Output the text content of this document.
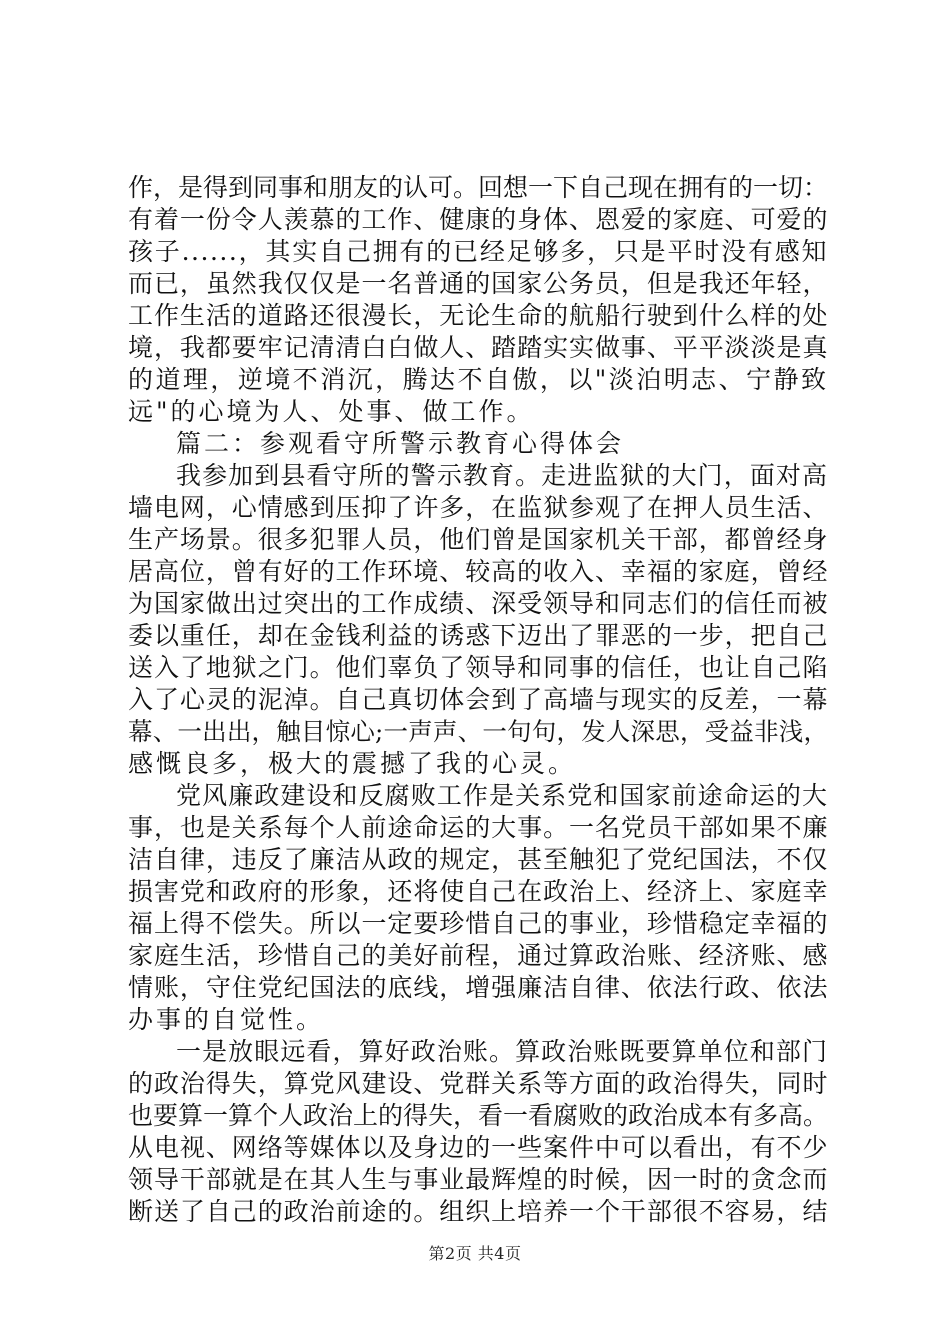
作，是得到同事和朋友的认可。回想一下自己现在拥有的一切：
有着一份令人羡慕的工作、健康的身体、恩爱的家庭、可爱的
孩子......，其实自己拥有的已经足够多，只是平时没有感知
而已，虽然我仅仅是一名普通的国家公务员，但是我还年轻，
工作生活的道路还很漫长，无论生命的航船行驶到什么样的处
境，我都要牢记清清白白做人、踏踏实实做事、平平淡淡是真
的道理，逆境不消沉，腾达不自傲，以"淡泊明志、宁静致
远"的心境为人、处事、做工作。
篇二：参观看守所警示教育心得体会
我参加到县看守所的警示教育。走进监狱的大门，面对高
墙电网，心情感到压抑了许多，在监狱参观了在押人员生活、
生产场景。很多犯罪人员，他们曾是国家机关干部，都曾经身
居高位，曾有好的工作环境、较高的收入、幸福的家庭，曾经
为国家做出过突出的工作成绩、深受领导和同志们的信任而被
委以重任，却在金钱利益的诱惑下迈出了罪恶的一步，把自己
送入了地狱之门。他们辜负了领导和同事的信任，也让自己陷
入了心灵的泥淖。自己真切体会到了高墙与现实的反差，一幕
幕、一出出，触目惊心;一声声、一句句，发人深思，受益非浅，
感慨良多，极大的震撼了我的心灵。
党风廉政建设和反腐败工作是关系党和国家前途命运的大
事，也是关系每个人前途命运的大事。一名党员干部如果不廉
洁自律，违反了廉洁从政的规定，甚至触犯了党纪国法，不仅
损害党和政府的形象，还将使自己在政治上、经济上、家庭幸
福上得不偿失。所以一定要珍惜自己的事业，珍惜稳定幸福的
家庭生活，珍惜自己的美好前程，通过算政治账、经济账、感
情账，守住党纪国法的底线，增强廉洁自律、依法行政、依法
办事的自觉性。
一是放眼远看，算好政治账。算政治账既要算单位和部门
的政治得失，算党风建设、党群关系等方面的政治得失，同时
也要算一算个人政治上的得失，看一看腐败的政治成本有多高。
从电视、网络等媒体以及身边的一些案件中可以看出，有不少
领导干部就是在其人生与事业最辉煌的时候，因一时的贪念而
断送了自己的政治前途的。组织上培养一个干部很不容易，结
第2页 共4页
